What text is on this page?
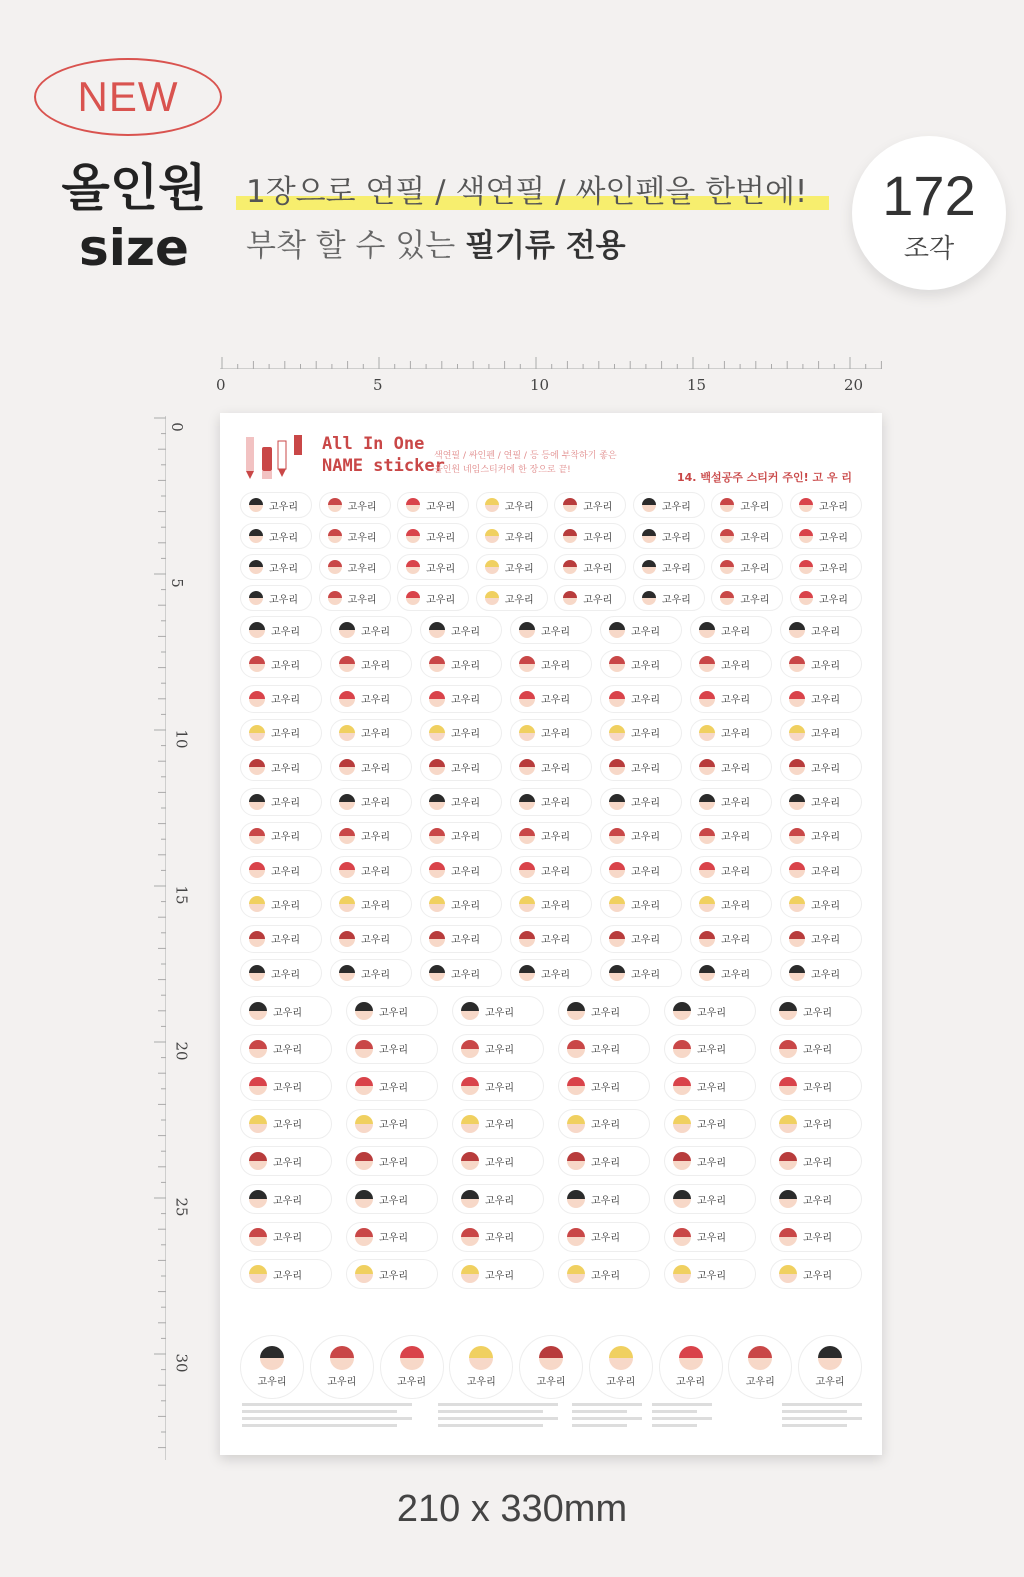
NEW
올인원
size
1장으로 연필 / 색연필 / 싸인펜을 한번에!
부착 할 수 있는 필기류 전용
172
조각
0	5	10	15	20
0
5
10
15
20
25
30
All In One
NAME sticker
색연필 / 싸인펜 / 연필 / 등 등에 부착하기 좋은
올인원 네임스티커에 한 장으로 끝!
14. 백설공주 스티커 주인! 고 우 리
고우리	고우리	고우리	고우리	고우리	고우리	고우리	고우리
고우리	고우리	고우리	고우리	고우리	고우리	고우리	고우리
고우리	고우리	고우리	고우리	고우리	고우리	고우리	고우리
고우리	고우리	고우리	고우리	고우리	고우리	고우리	고우리
고우리	고우리	고우리	고우리	고우리	고우리	고우리
고우리	고우리	고우리	고우리	고우리	고우리	고우리
고우리	고우리	고우리	고우리	고우리	고우리	고우리
고우리	고우리	고우리	고우리	고우리	고우리	고우리
고우리	고우리	고우리	고우리	고우리	고우리	고우리
고우리	고우리	고우리	고우리	고우리	고우리	고우리
고우리	고우리	고우리	고우리	고우리	고우리	고우리
고우리	고우리	고우리	고우리	고우리	고우리	고우리
고우리	고우리	고우리	고우리	고우리	고우리	고우리
고우리	고우리	고우리	고우리	고우리	고우리	고우리
고우리	고우리	고우리	고우리	고우리	고우리	고우리
고우리	고우리	고우리	고우리	고우리	고우리
고우리	고우리	고우리	고우리	고우리	고우리
고우리	고우리	고우리	고우리	고우리	고우리
고우리	고우리	고우리	고우리	고우리	고우리
고우리	고우리	고우리	고우리	고우리	고우리
고우리	고우리	고우리	고우리	고우리	고우리
고우리	고우리	고우리	고우리	고우리	고우리
고우리	고우리	고우리	고우리	고우리	고우리
고우리	고우리	고우리	고우리	고우리	고우리	고우리	고우리	고우리
210 x 330mm
